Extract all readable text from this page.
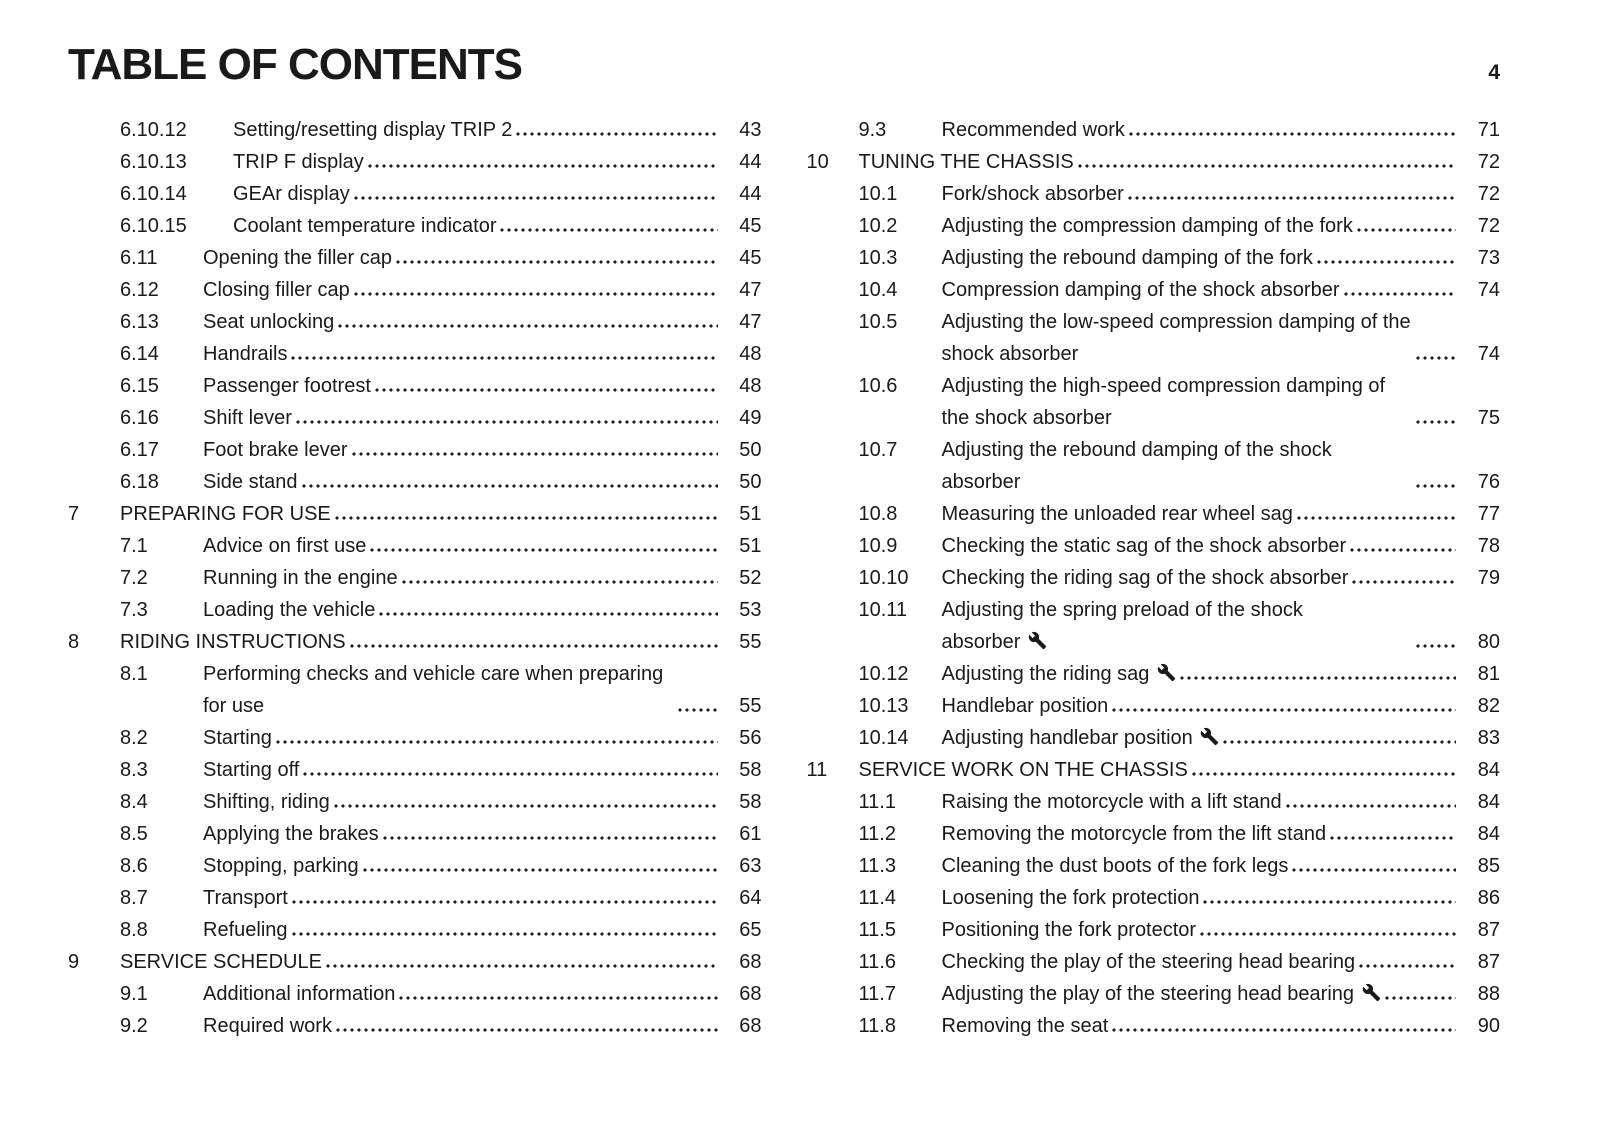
TABLE OF CONTENTS	4
6.10.12	Setting/resetting display TRIP 2	43
6.10.13	TRIP F display	44
6.10.14	GEAr display	44
6.10.15	Coolant temperature indicator	45
6.11	Opening the filler cap	45
6.12	Closing filler cap	47
6.13	Seat unlocking	47
6.14	Handrails	48
6.15	Passenger footrest	48
6.16	Shift lever	49
6.17	Foot brake lever	50
6.18	Side stand	50
7	PREPARING FOR USE	51
7.1	Advice on first use	51
7.2	Running in the engine	52
7.3	Loading the vehicle	53
8	RIDING INSTRUCTIONS	55
8.1	Performing checks and vehicle care when preparing for use	55
8.2	Starting	56
8.3	Starting off	58
8.4	Shifting, riding	58
8.5	Applying the brakes	61
8.6	Stopping, parking	63
8.7	Transport	64
8.8	Refueling	65
9	SERVICE SCHEDULE	68
9.1	Additional information	68
9.2	Required work	68
9.3	Recommended work	71
10	TUNING THE CHASSIS	72
10.1	Fork/shock absorber	72
10.2	Adjusting the compression damping of the fork	72
10.3	Adjusting the rebound damping of the fork	73
10.4	Compression damping of the shock absorber	74
10.5	Adjusting the low-speed compression damping of the shock absorber	74
10.6	Adjusting the high-speed compression damping of the shock absorber	75
10.7	Adjusting the rebound damping of the shock absorber	76
10.8	Measuring the unloaded rear wheel sag	77
10.9	Checking the static sag of the shock absorber	78
10.10	Checking the riding sag of the shock absorber	79
10.11	Adjusting the spring preload of the shock absorber	80
10.12	Adjusting the riding sag	81
10.13	Handlebar position	82
10.14	Adjusting handlebar position	83
11	SERVICE WORK ON THE CHASSIS	84
11.1	Raising the motorcycle with a lift stand	84
11.2	Removing the motorcycle from the lift stand	84
11.3	Cleaning the dust boots of the fork legs	85
11.4	Loosening the fork protection	86
11.5	Positioning the fork protector	87
11.6	Checking the play of the steering head bearing	87
11.7	Adjusting the play of the steering head bearing	88
11.8	Removing the seat	90
